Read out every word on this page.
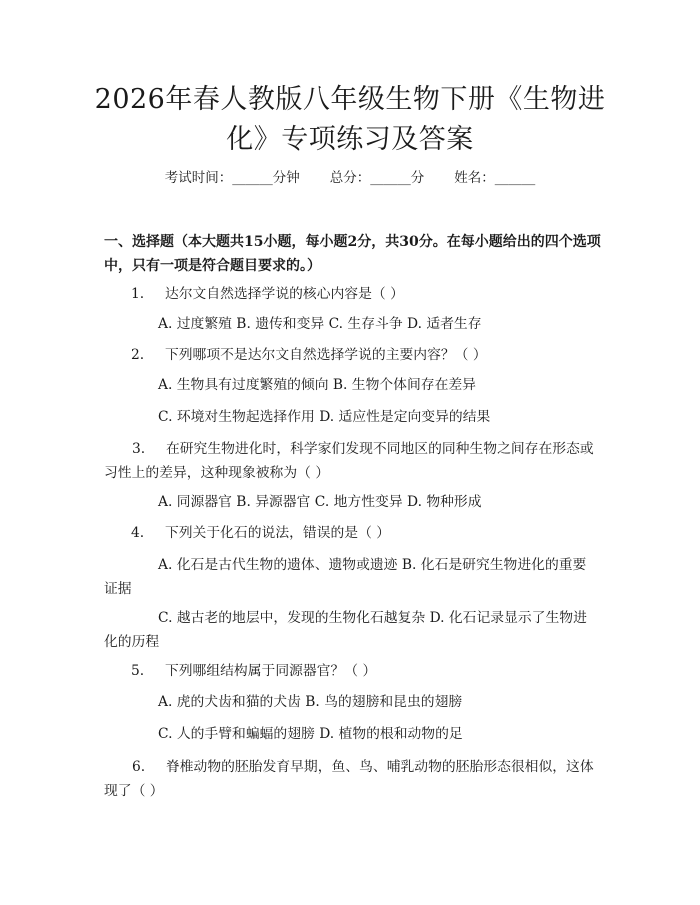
2026年春人教版八年级生物下册《生物进化》专项练习及答案
考试时间：______分钟 总分：______分 姓名：______
一、选择题（本大题共15小题，每小题2分，共30分。在每小题给出的四个选项中，只有一项是符合题目要求的。）
1. 达尔文自然选择学说的核心内容是（ ）
A. 过度繁殖 B. 遗传和变异 C. 生存斗争 D. 适者生存
2. 下列哪项不是达尔文自然选择学说的主要内容？（ ）
A. 生物具有过度繁殖的倾向 B. 生物个体间存在差异
C. 环境对生物起选择作用 D. 适应性是定向变异的结果
3. 在研究生物进化时，科学家们发现不同地区的同种生物之间存在形态或习性上的差异，这种现象被称为（ ）
A. 同源器官 B. 异源器官 C. 地方性变异 D. 物种形成
4. 下列关于化石的说法，错误的是（ ）
A. 化石是古代生物的遗体、遗物或遗迹 B. 化石是研究生物进化的重要证据
C. 越古老的地层中，发现的生物化石越复杂 D. 化石记录显示了生物进化的历程
5. 下列哪组结构属于同源器官？（ ）
A. 虎的犬齿和猫的犬齿 B. 鸟的翅膀和昆虫的翅膀
C. 人的手臂和蝙蝠的翅膀 D. 植物的根和动物的足
6. 脊椎动物的胚胎发育早期，鱼、鸟、哺乳动物的胚胎形态很相似，这体现了（ ）
